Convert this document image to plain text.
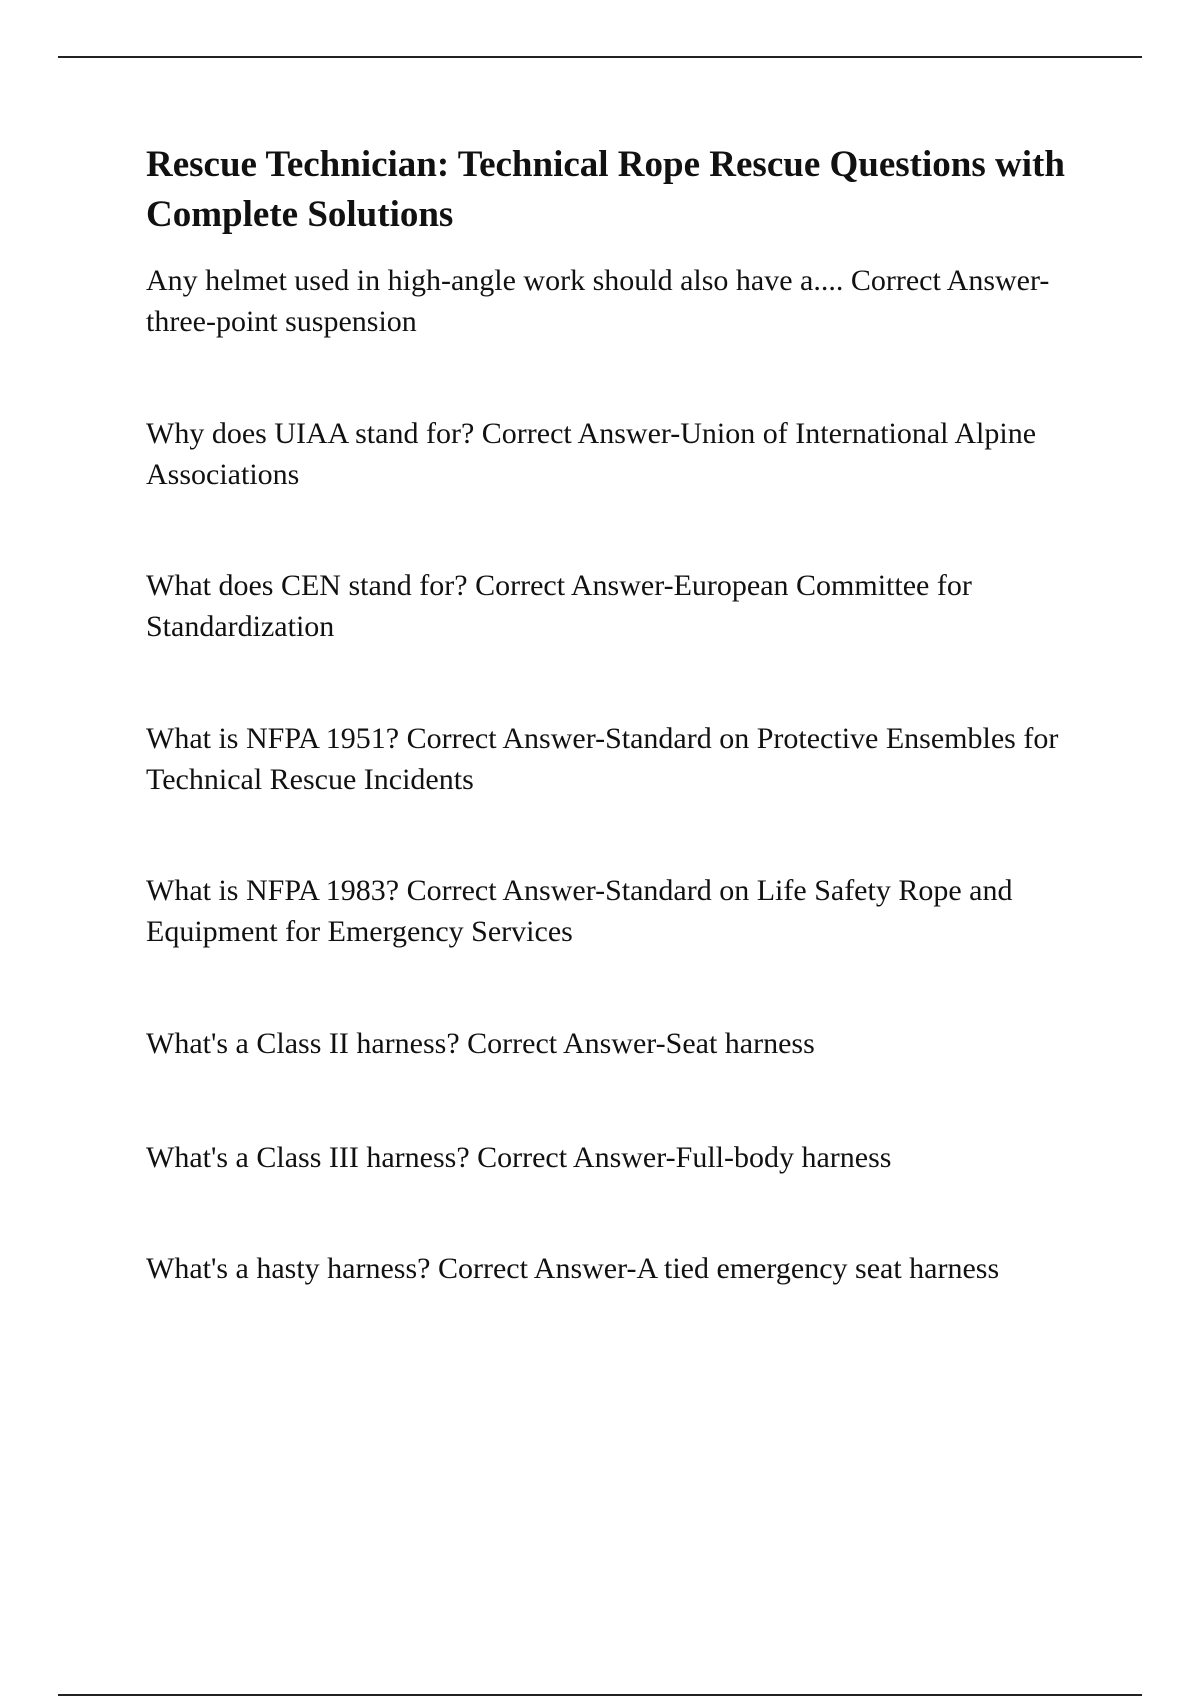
Rescue Technician: Technical Rope Rescue Questions with Complete Solutions
Any helmet used in high-angle work should also have a.... Correct Answer-three-point suspension
Why does UIAA stand for? Correct Answer-Union of International Alpine Associations
What does CEN stand for? Correct Answer-European Committee for Standardization
What is NFPA 1951? Correct Answer-Standard on Protective Ensembles for Technical Rescue Incidents
What is NFPA 1983? Correct Answer-Standard on Life Safety Rope and Equipment for Emergency Services
What's a Class II harness? Correct Answer-Seat harness
What's a Class III harness? Correct Answer-Full-body harness
What's a hasty harness? Correct Answer-A tied emergency seat harness
